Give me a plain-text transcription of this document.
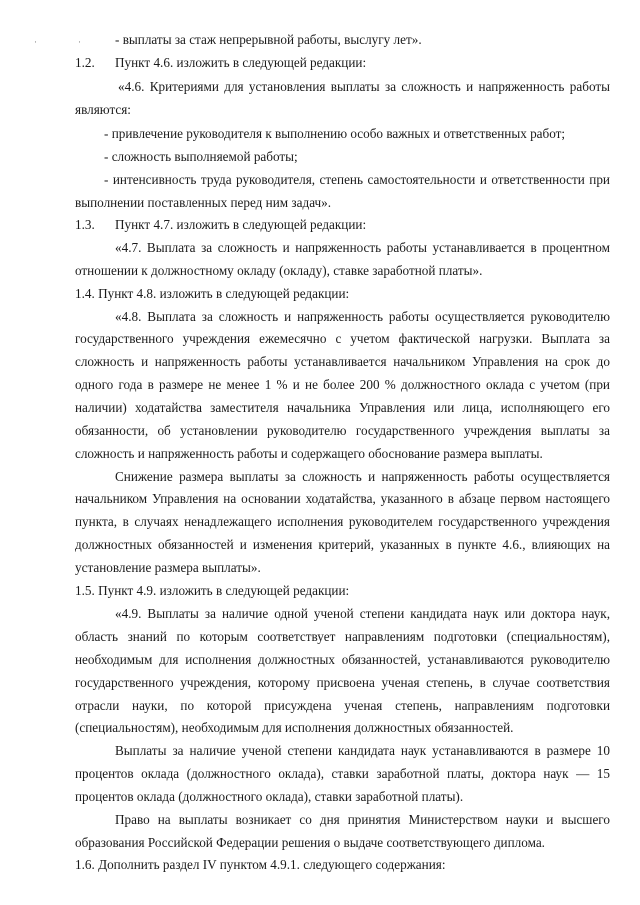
·	·	- выплаты за стаж непрерывной работы, выслугу лет».

1.2. Пункт 4.6. изложить в следующей редакции:

«4.6. Критериями для установления выплаты за сложность и напряженность работы

являются:

- привлечение руководителя к выполнению особо важных и ответственных работ;

- сложность выполняемой работы;

- интенсивность труда руководителя, степень самостоятельности и ответственности при

выполнении поставленных перед ним задач».

1.3. Пункт 4.7. изложить в следующей редакции:

«4.7. Выплата за сложность и напряженность работы устанавливается в процентном

отношении к должностному окладу (окладу), ставке заработной платы».

1.4. Пункт 4.8. изложить в следующей редакции:

«4.8. Выплата за сложность и напряженность работы осуществляется руководителю

государственного учреждения ежемесячно с учетом фактической нагрузки. Выплата за

сложность и напряженность работы устанавливается начальником Управления на срок до

одного года в размере не менее 1 % и не более 200 % должностного оклада с учетом (при

наличии) ходатайства заместителя начальника Управления или лица, исполняющего его

обязанности, об установлении руководителю государственного учреждения выплаты за

сложность и напряженность работы и содержащего обоснование размера выплаты.

Снижение размера выплаты за сложность и напряженность работы осуществляется

начальником Управления на основании ходатайства, указанного в абзаце первом настоящего

пункта, в случаях ненадлежащего исполнения руководителем государственного учреждения

должностных обязанностей и изменения критерий, указанных в пункте 4.6., влияющих на

установление размера выплаты».

1.5. Пункт 4.9. изложить в следующей редакции:

«4.9. Выплаты за наличие одной ученой степени кандидата наук или доктора наук,

область знаний по которым соответствует направлениям подготовки (специальностям),

необходимым для исполнения должностных обязанностей, устанавливаются руководителю

государственного учреждения, которому присвоена ученая степень, в случае соответствия

отрасли науки, по которой присуждена ученая степень, направлениям подготовки

(специальностям), необходимым для исполнения должностных обязанностей.

Выплаты за наличие ученой степени кандидата наук устанавливаются в размере 10

процентов оклада (должностного оклада), ставки заработной платы, доктора наук — 15

процентов оклада (должностного оклада), ставки заработной платы).

Право на выплаты возникает со дня принятия Министерством науки и высшего

образования Российской Федерации решения о выдаче соответствующего диплома.

1.6. Дополнить раздел IV пунктом 4.9.1. следующего содержания:
